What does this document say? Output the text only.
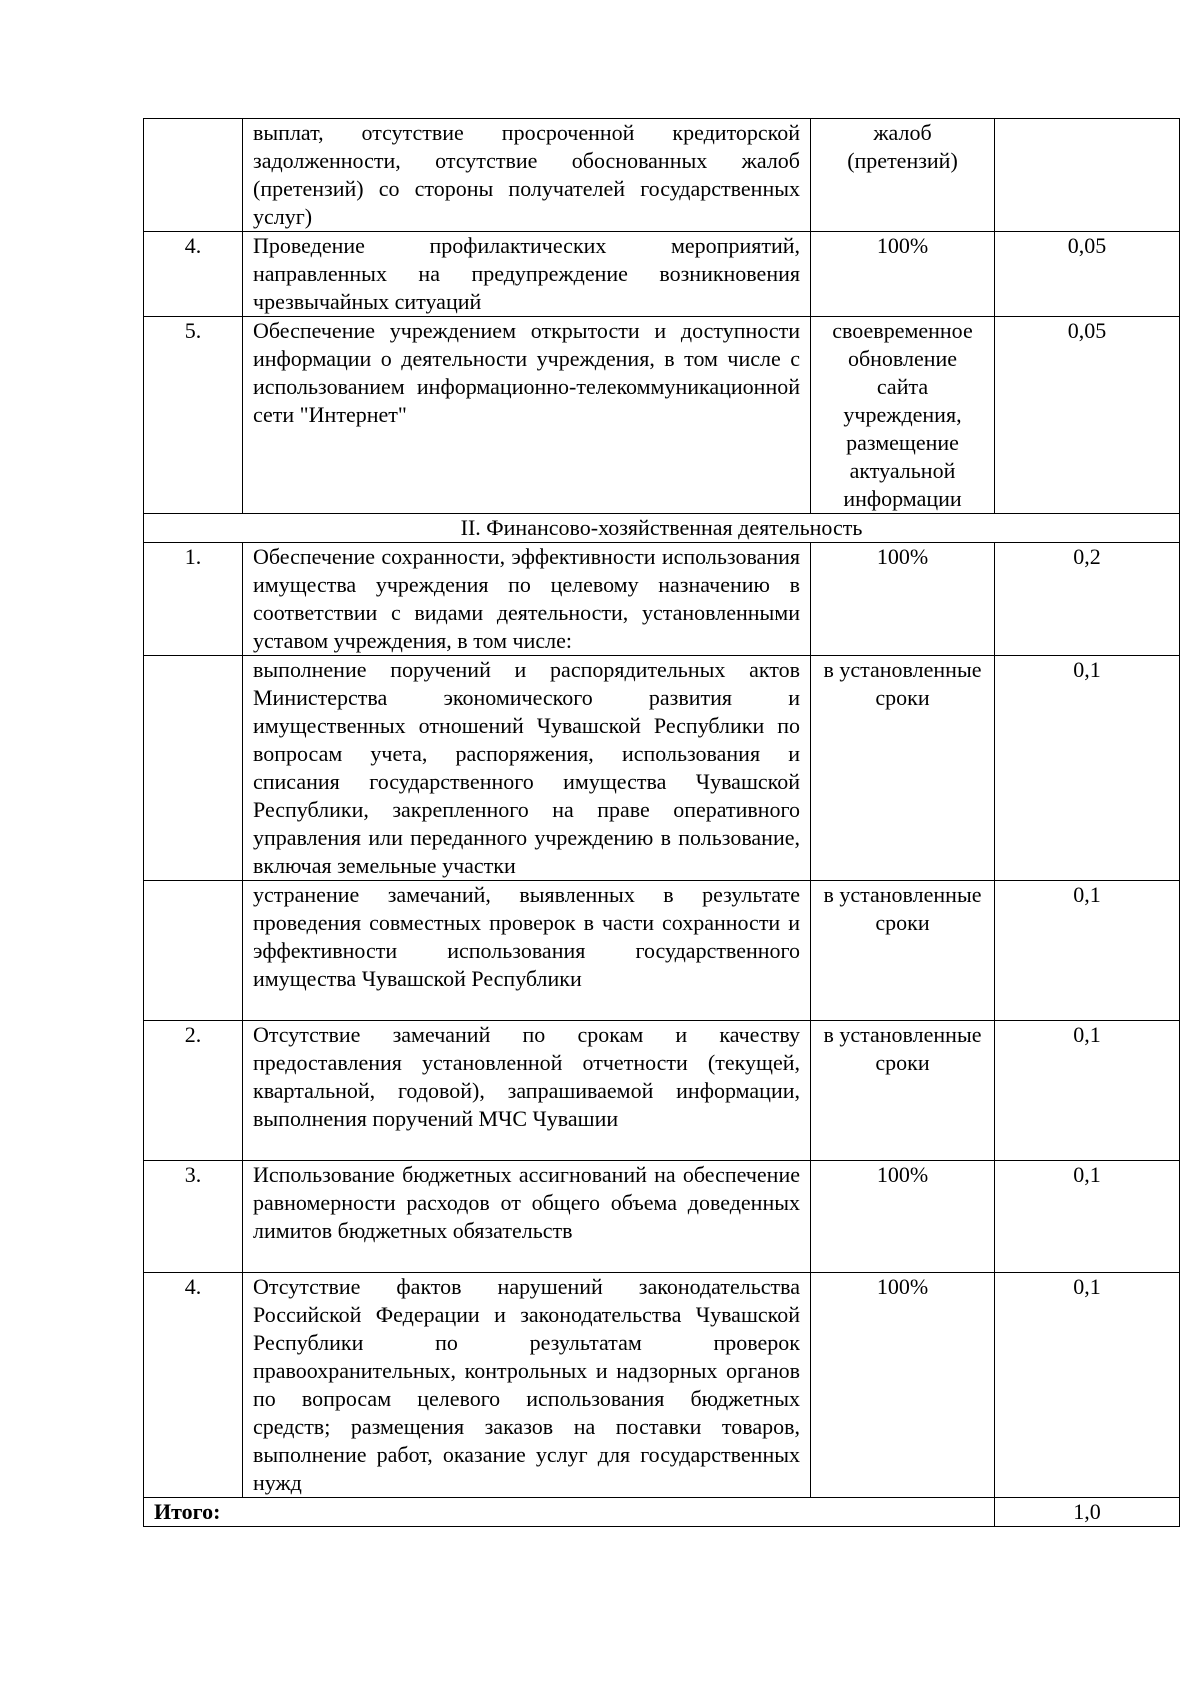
	выплат, отсутствие просроченной кредиторской задолженности, отсутствие обоснованных жалоб (претензий) со стороны получателей государственных услуг)	жалоб (претензий)	
4.	Проведение профилактических мероприятий, направленных на предупреждение возникновения чрезвычайных ситуаций	100%	0,05
5.	Обеспечение учреждением открытости и доступности информации о деятельности учреждения, в том числе с использованием информационно-телекоммуникационной сети "Интернет"	своевременное обновление сайта учреждения, размещение актуальной информации	0,05
II. Финансово-хозяйственная деятельность			
1.	Обеспечение сохранности, эффективности использования имущества учреждения по целевому назначению в соответствии с видами деятельности, установленными уставом учреждения, в том числе:	100%	0,2
	выполнение поручений и распорядительных актов Министерства экономического развития и имущественных отношений Чувашской Республики по вопросам учета, распоряжения, использования и списания государственного имущества Чувашской Республики, закрепленного на праве оперативного управления или переданного учреждению в пользование, включая земельные участки	в установленные сроки	0,1
	устранение замечаний, выявленных в результате проведения совместных проверок в части сохранности и эффективности использования государственного имущества Чувашской Республики	в установленные сроки	0,1
2.	Отсутствие замечаний по срокам и качеству предоставления установленной отчетности (текущей, квартальной, годовой), запрашиваемой информации, выполнения поручений МЧС Чувашии	в установленные сроки	0,1
3.	Использование бюджетных ассигнований на обеспечение равномерности расходов от общего объема доведенных лимитов бюджетных обязательств	100%	0,1
4.	Отсутствие фактов нарушений законодательства Российской Федерации и законодательства Чувашской Республики по результатам проверок правоохранительных, контрольных и надзорных органов по вопросам целевого использования бюджетных средств; размещения заказов на поставки товаров, выполнение работ, оказание услуг для государственных нужд	100%	0,1
Итого:			1,0
